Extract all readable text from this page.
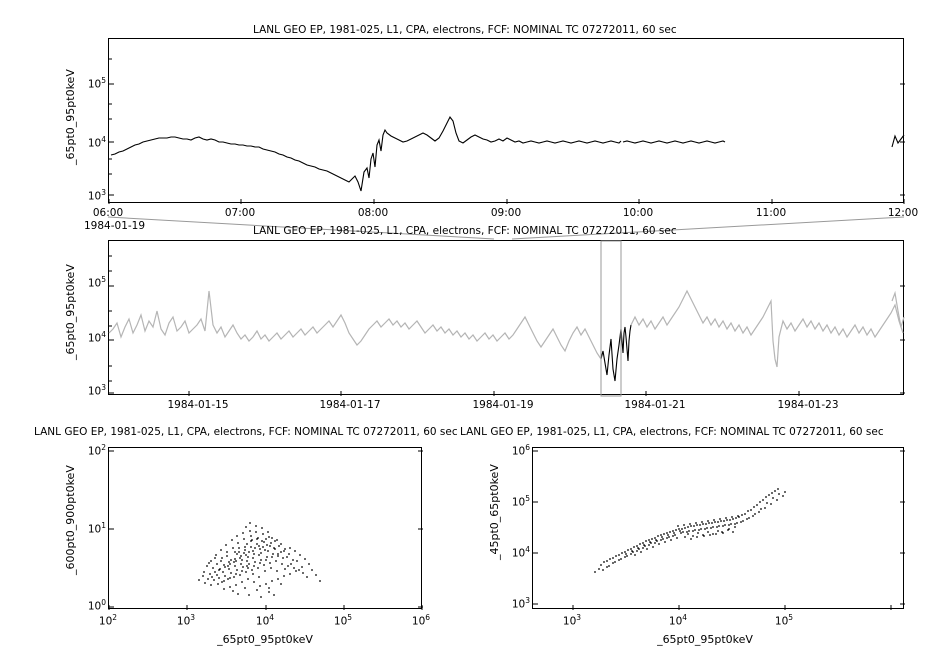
LANL GEO EP, 1981-025, L1, CPA, electrons, FCF: NOMINAL TC 07272011, 60 sec
_65pt0_95pt0keV	$10^5$
$10^4$
$10^3$
06:00	07:00	08:00	09:00	10:00	11:00	12:00
1984-01-19	LANL GEO EP, 1981-025, L1, CPA, electrons, FCF: NOMINAL TC 07272011, 60 sec
_65pt0_95pt0keV	$10^5$
$10^4$
$10^3$
1984-01-15	1984-01-17	1984-01-19	1984-01-21	1984-01-23
LANL GEO EP, 1981-025, L1, CPA, electrons, FCF: NOMINAL TC 07272011, 60 sec
_600pt0_900pt0keV
$10^2$
$10^1$
$10^0$
$10^2$	$10^3$	$10^4$	$10^5$	$10^6$
_65pt0_95pt0keV
LANL GEO EP, 1981-025, L1, CPA, electrons, FCF: NOMINAL TC 07272011, 60 sec
_45pt0_65pt0keV
$10^6$
$10^5$
$10^4$
$10^3$
$10^3$	$10^4$	$10^5$
_65pt0_95pt0keV
